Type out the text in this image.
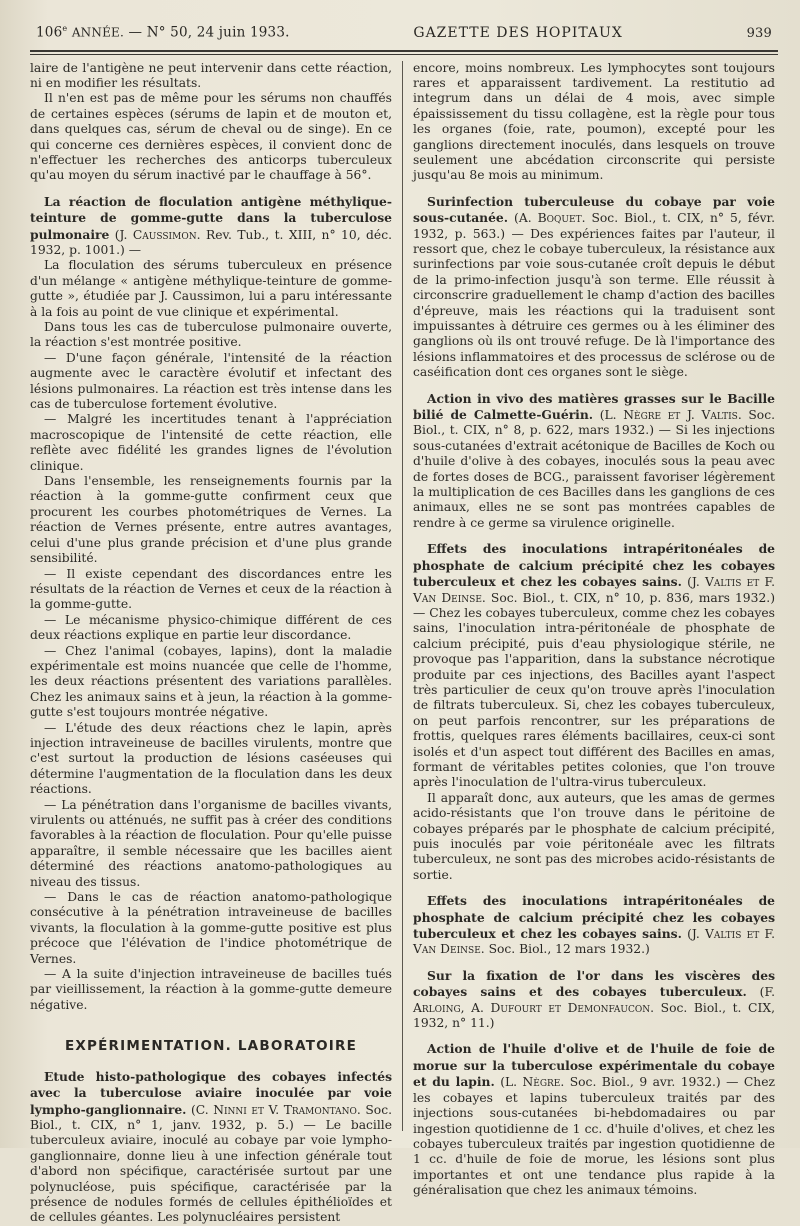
106e ANNÉE. — N° 50, 24 juin 1933.	GAZETTE DES HOPITAUX	939

laire de l'antigène ne peut intervenir dans cette réaction, ni en modifier les résultats.

Il n'en est pas de même pour les sérums non chauffés de certaines espèces (sérums de lapin et de mouton et, dans quelques cas, sérum de cheval ou de singe). En ce qui concerne ces dernières espèces, il convient donc de n'effectuer les recherches des anticorps tuberculeux qu'au moyen du sérum inactivé par le chauffage à 56°.

La réaction de floculation antigène méthylique-teinture de gomme-gutte dans la tuberculose pulmonaire (J. Caussimon. Rev. Tub., t. XIII, n° 10, déc. 1932, p. 1001.) —

La floculation des sérums tuberculeux en présence d'un mélange « antigène méthylique-teinture de gomme-gutte », étudiée par J. Caussimon, lui a paru intéressante à la fois au point de vue clinique et expérimental.

Dans tous les cas de tuberculose pulmonaire ouverte, la réaction s'est montrée positive.

— D'une façon générale, l'intensité de la réaction augmente avec le caractère évolutif et infectant des lésions pulmonaires. La réaction est très intense dans les cas de tuberculose fortement évolutive.

— Malgré les incertitudes tenant à l'appréciation macroscopique de l'intensité de cette réaction, elle reflète avec fidélité les grandes lignes de l'évolution clinique.

Dans l'ensemble, les renseignements fournis par la réaction à la gomme-gutte confirment ceux que procurent les courbes photométriques de Vernes. La réaction de Vernes présente, entre autres avantages, celui d'une plus grande précision et d'une plus grande sensibilité.

— Il existe cependant des discordances entre les résultats de la réaction de Vernes et ceux de la réaction à la gomme-gutte.

— Le mécanisme physico-chimique différent de ces deux réactions explique en partie leur discordance.

— Chez l'animal (cobayes, lapins), dont la maladie expérimentale est moins nuancée que celle de l'homme, les deux réactions présentent des variations parallèles. Chez les animaux sains et à jeun, la réaction à la gomme-gutte s'est toujours montrée négative.

— L'étude des deux réactions chez le lapin, après injection intraveineuse de bacilles virulents, montre que c'est surtout la production de lésions caséeuses qui détermine l'augmentation de la floculation dans les deux réactions.

— La pénétration dans l'organisme de bacilles vivants, virulents ou atténués, ne suffit pas à créer des conditions favorables à la réaction de floculation. Pour qu'elle puisse apparaître, il semble nécessaire que les bacilles aient déterminé des réactions anatomo-pathologiques au niveau des tissus.

— Dans le cas de réaction anatomo-pathologique consécutive à la pénétration intraveineuse de bacilles vivants, la floculation à la gomme-gutte positive est plus précoce que l'élévation de l'indice photométrique de Vernes.

— A la suite d'injection intraveineuse de bacilles tués par vieillissement, la réaction à la gomme-gutte demeure négative.

EXPÉRIMENTATION. LABORATOIRE

Etude histo-pathologique des cobayes infectés avec la tuberculose aviaire inoculée par voie lympho-ganglionnaire. (C. Ninni et V. Tramontano. Soc. Biol., t. CIX, n° 1, janv. 1932, p. 5.) — Le bacille tuberculeux aviaire, inoculé au cobaye par voie lympho-ganglionnaire, donne lieu à une infection générale tout d'abord non spécifique, caractérisée surtout par une polynucléose, puis spécifique, caractérisée par la présence de nodules formés de cellules épithélioïdes et de cellules géantes. Les polynucléaires persistent

encore, moins nombreux. Les lymphocytes sont toujours rares et apparaissent tardivement. La restitutio ad integrum dans un délai de 4 mois, avec simple épaississement du tissu collagène, est la règle pour tous les organes (foie, rate, poumon), excepté pour les ganglions directement inoculés, dans lesquels on trouve seulement une abcédation circonscrite qui persiste jusqu'au 8e mois au minimum.

Surinfection tuberculeuse du cobaye par voie sous-cutanée. (A. Boquet. Soc. Biol., t. CIX, n° 5, févr. 1932, p. 563.) — Des expériences faites par l'auteur, il ressort que, chez le cobaye tuberculeux, la résistance aux surinfections par voie sous-cutanée croît depuis le début de la primo-infection jusqu'à son terme. Elle réussit à circonscrire graduellement le champ d'action des bacilles d'épreuve, mais les réactions qui la traduisent sont impuissantes à détruire ces germes ou à les éliminer des ganglions où ils ont trouvé refuge. De là l'importance des lésions inflammatoires et des processus de sclérose ou de caséification dont ces organes sont le siège.

Action in vivo des matières grasses sur le Bacille bilié de Calmette-Guérin. (L. Nègre et J. Valtis. Soc. Biol., t. CIX, n° 8, p. 622, mars 1932.) — Si les injections sous-cutanées d'extrait acétonique de Bacilles de Koch ou d'huile d'olive à des cobayes, inoculés sous la peau avec de fortes doses de BCG., paraissent favoriser légèrement la multiplication de ces Bacilles dans les ganglions de ces animaux, elles ne se sont pas montrées capables de rendre à ce germe sa virulence originelle.

Effets des inoculations intrapéritonéales de phosphate de calcium précipité chez les cobayes tuberculeux et chez les cobayes sains. (J. Valtis et F. Van Deinse. Soc. Biol., t. CIX, n° 10, p. 836, mars 1932.) — Chez les cobayes tuberculeux, comme chez les cobayes sains, l'inoculation intra-péritonéale de phosphate de calcium précipité, puis d'eau physiologique stérile, ne provoque pas l'apparition, dans la substance nécrotique produite par ces injections, des Bacilles ayant l'aspect très particulier de ceux qu'on trouve après l'inoculation de filtrats tuberculeux. Si, chez les cobayes tuberculeux, on peut parfois rencontrer, sur les préparations de frottis, quelques rares éléments bacillaires, ceux-ci sont isolés et d'un aspect tout différent des Bacilles en amas, formant de véritables petites colonies, que l'on trouve après l'inoculation de l'ultra-virus tuberculeux.

Il apparaît donc, aux auteurs, que les amas de germes acido-résistants que l'on trouve dans le péritoine de cobayes préparés par le phosphate de calcium précipité, puis inoculés par voie péritonéale avec les filtrats tuberculeux, ne sont pas des microbes acido-résistants de sortie.

Effets des inoculations intrapéritonéales de phosphate de calcium précipité chez les cobayes tuberculeux et chez les cobayes sains. (J. Valtis et F. Van Deinse. Soc. Biol., 12 mars 1932.)

Sur la fixation de l'or dans les viscères des cobayes sains et des cobayes tuberculeux. (F. Arloing, A. Dufourt et Demonfaucon. Soc. Biol., t. CIX, 1932, n° 11.)

Action de l'huile d'olive et de l'huile de foie de morue sur la tuberculose expérimentale du cobaye et du lapin. (L. Nègre. Soc. Biol., 9 avr. 1932.) — Chez les cobayes et lapins tuberculeux traités par des injections sous-cutanées bi-hebdomadaires ou par ingestion quotidienne de 1 cc. d'huile d'olives, et chez les cobayes tuberculeux traités par ingestion quotidienne de 1 cc. d'huile de foie de morue, les lésions sont plus importantes et ont une tendance plus rapide à la généralisation que chez les animaux témoins.
